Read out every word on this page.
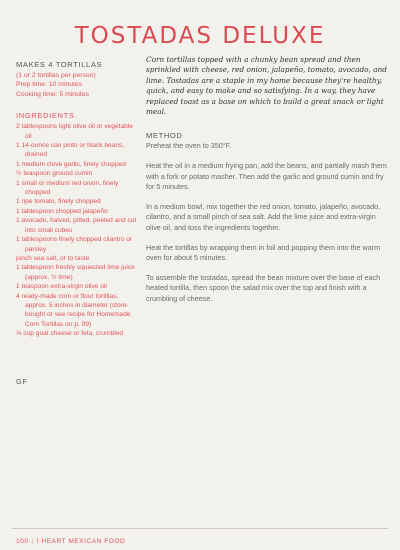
TOSTADAS DELUXE
MAKES 4 TORTILLAS
(1 or 2 tortillas per person)
Prep time: 10 minutes
Cooking time: 5 minutes
INGREDIENTS
2 tablespoons light olive oil or vegetable oil
1 14-ounce can pinto or black beans, drained
1 medium clove garlic, finely chopped
½ teaspoon ground cumin
1 small or medium red onion, finely chopped
1 ripe tomato, finely chopped
1 tablespoon chopped jalapeño
1 avocado, halved, pitted, peeled and cut into small cubes
1 tablespoons finely chopped cilantro or parsley
pinch sea salt, or to taste
1 tablespoon freshly squeezed lime juice (approx. ½ lime)
1 teaspoon extra-virgin olive oil
4 ready-made corn or flour tortillas, approx. 5 inches in diameter (store-bought or see recipe for Homemade Corn Tortillas on p. 99)
⅓ cup goat cheese or feta, crumbled
GF

Corn tortillas topped with a chunky bean spread and then sprinkled with cheese, red onion, jalapeño, tomato, avocado, and lime. Tostadas are a staple in my home because they're healthy, quick, and easy to make and so satisfying. In a way, they have replaced toast as a base on which to build a great snack or light meal.

METHOD

Preheat the oven to 350°F.

Heat the oil in a medium frying pan, add the beans, and partially mash them with a fork or potato masher. Then add the garlic and ground cumin and fry for 5 minutes.

In a medium bowl, mix together the red onion, tomato, jalapeño, avocado, cilantro, and a small pinch of sea salt. Add the lime juice and extra-virgin olive oil, and toss the ingredients together.

Heat the tortillas by wrapping them in foil and popping them into the warm oven for about 5 minutes.

To assemble the tostadas, spread the bean mixture over the base of each heated tortilla, then spoon the salad mix over the top and finish with a crumbling of cheese.

100 | I HEART MEXICAN FOOD
